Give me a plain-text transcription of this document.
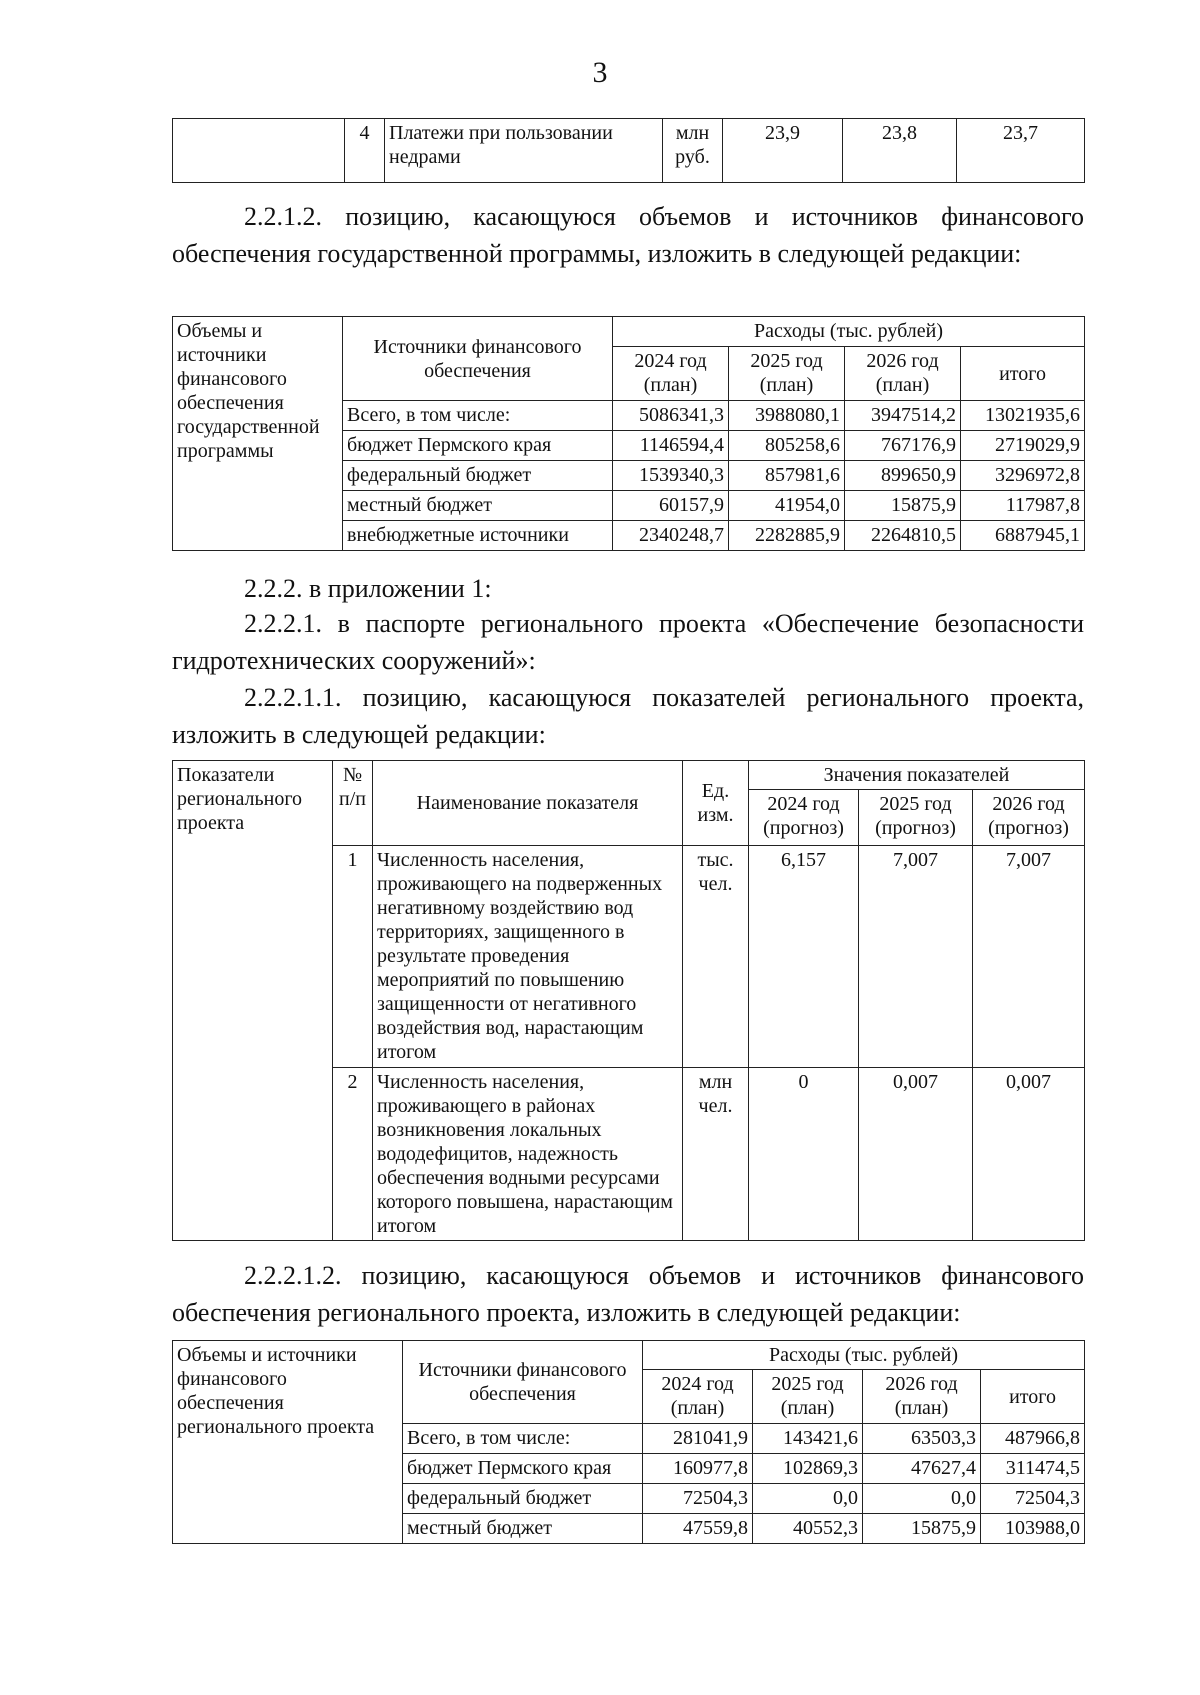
3
	4	Платежи при пользовании недрами	млн руб.	23,9	23,8	23,7
2.2.1.2. позицию, касающуюся объемов и источников финансового обеспечения государственной программы, изложить в следующей редакции:
Объемы и источники финансового обеспечения государственной программы	Источники финансового обеспечения	Расходы (тыс. рублей)			
		2024 год (план)	2025 год (план)	2026 год (план)	итого
	Всего, в том числе:	5086341,3	3988080,1	3947514,2	13021935,6
	бюджет Пермского края	1146594,4	805258,6	767176,9	2719029,9
	федеральный бюджет	1539340,3	857981,6	899650,9	3296972,8
	местный бюджет	60157,9	41954,0	15875,9	117987,8
	внебюджетные источники	2340248,7	2282885,9	2264810,5	6887945,1
2.2.2. в приложении 1:
2.2.2.1. в паспорте регионального проекта «Обеспечение безопасности гидротехнических сооружений»:
2.2.2.1.1. позицию, касающуюся показателей регионального проекта, изложить в следующей редакции:
Показатели регионального проекта	№ п/п	Наименование показателя	Ед. изм.	Значения показателей		
				2024 год (прогноз)	2025 год (прогноз)	2026 год (прогноз)
	1	Численность населения, проживающего на подверженных негативному воздействию вод территориях, защищенного в результате проведения мероприятий по повышению защищенности от негативного воздействия вод, нарастающим итогом	тыс. чел.	6,157	7,007	7,007
	2	Численность населения, проживающего в районах возникновения локальных вододефицитов, надежность обеспечения водными ресурсами которого повышена, нарастающим итогом	млн чел.	0	0,007	0,007
2.2.2.1.2. позицию, касающуюся объемов и источников финансового обеспечения регионального проекта, изложить в следующей редакции:
Объемы и источники финансового обеспечения регионального проекта	Источники финансового обеспечения	Расходы (тыс. рублей)			
		2024 год (план)	2025 год (план)	2026 год (план)	итого
	Всего, в том числе:	281041,9	143421,6	63503,3	487966,8
	бюджет Пермского края	160977,8	102869,3	47627,4	311474,5
	федеральный бюджет	72504,3	0,0	0,0	72504,3
	местный бюджет	47559,8	40552,3	15875,9	103988,0
